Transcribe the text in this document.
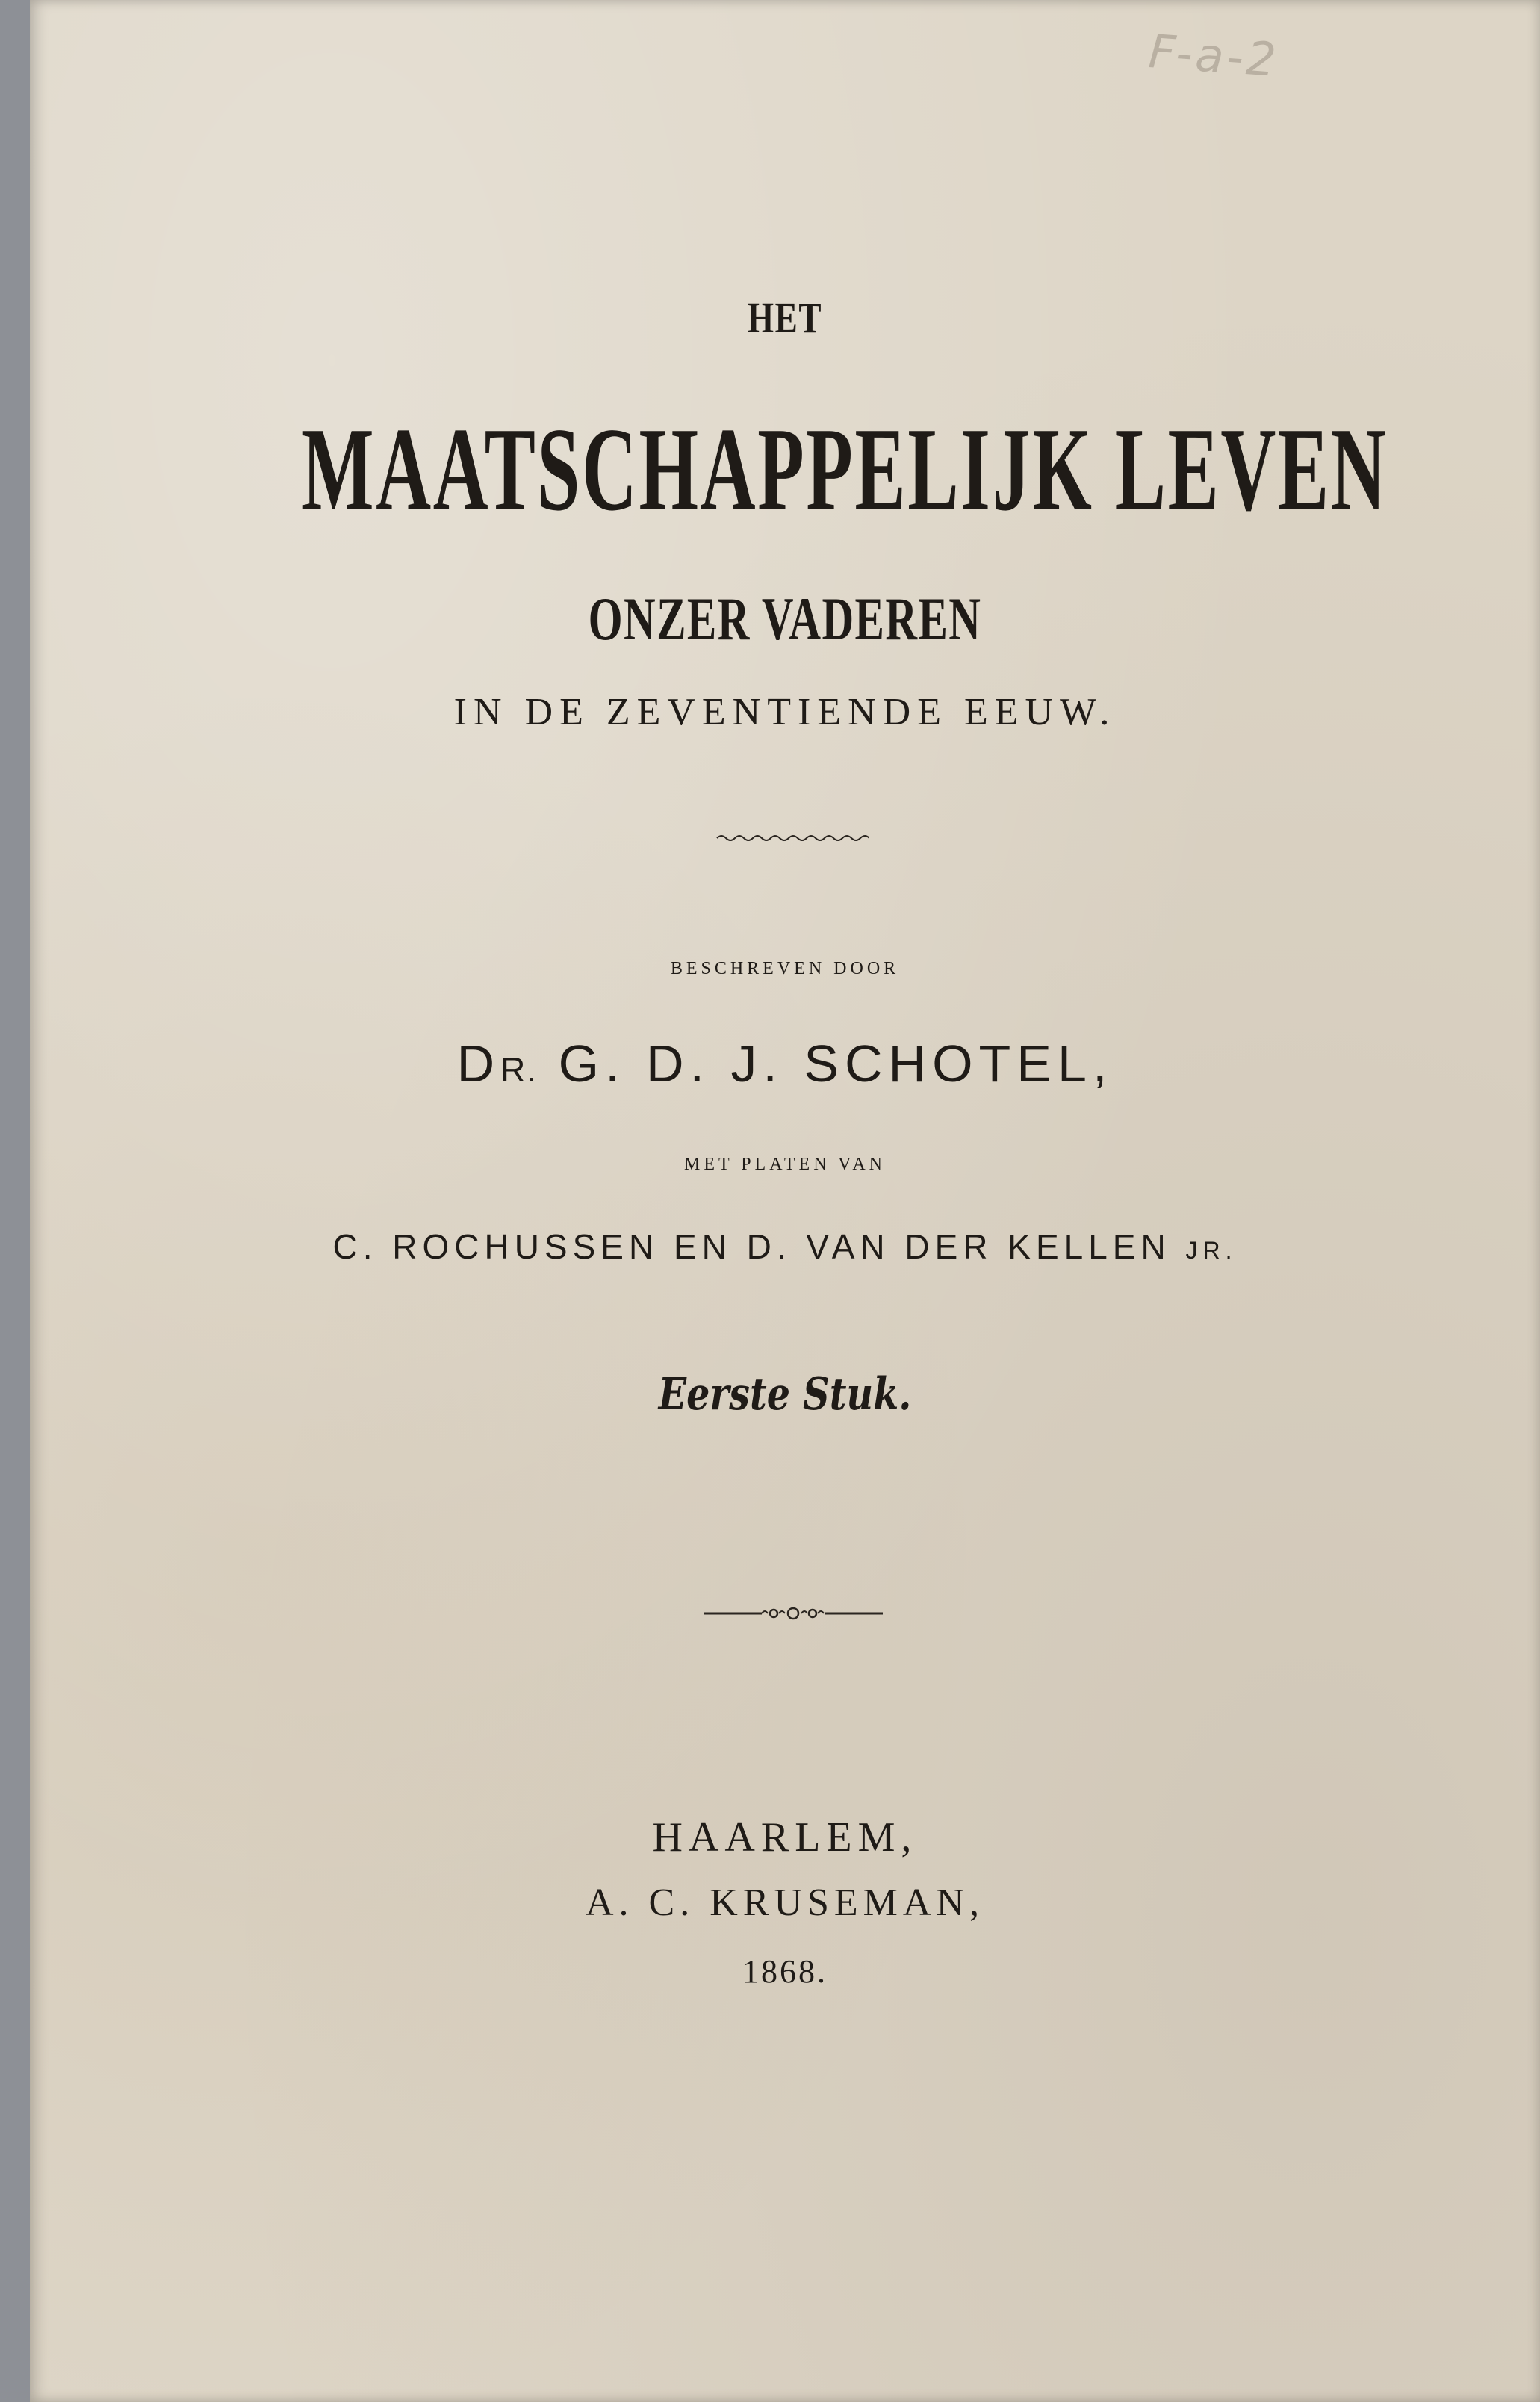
F-a-2
HET
MAATSCHAPPELIJK LEVEN
ONZER VADEREN
IN DE ZEVENTIENDE EEUW.
BESCHREVEN DOOR
DR. G. D. J. SCHOTEL,
MET PLATEN VAN
C. ROCHUSSEN EN D. VAN DER KELLEN JR.
Eerste Stuk.
HAARLEM,
A. C. KRUSEMAN,
1868.
